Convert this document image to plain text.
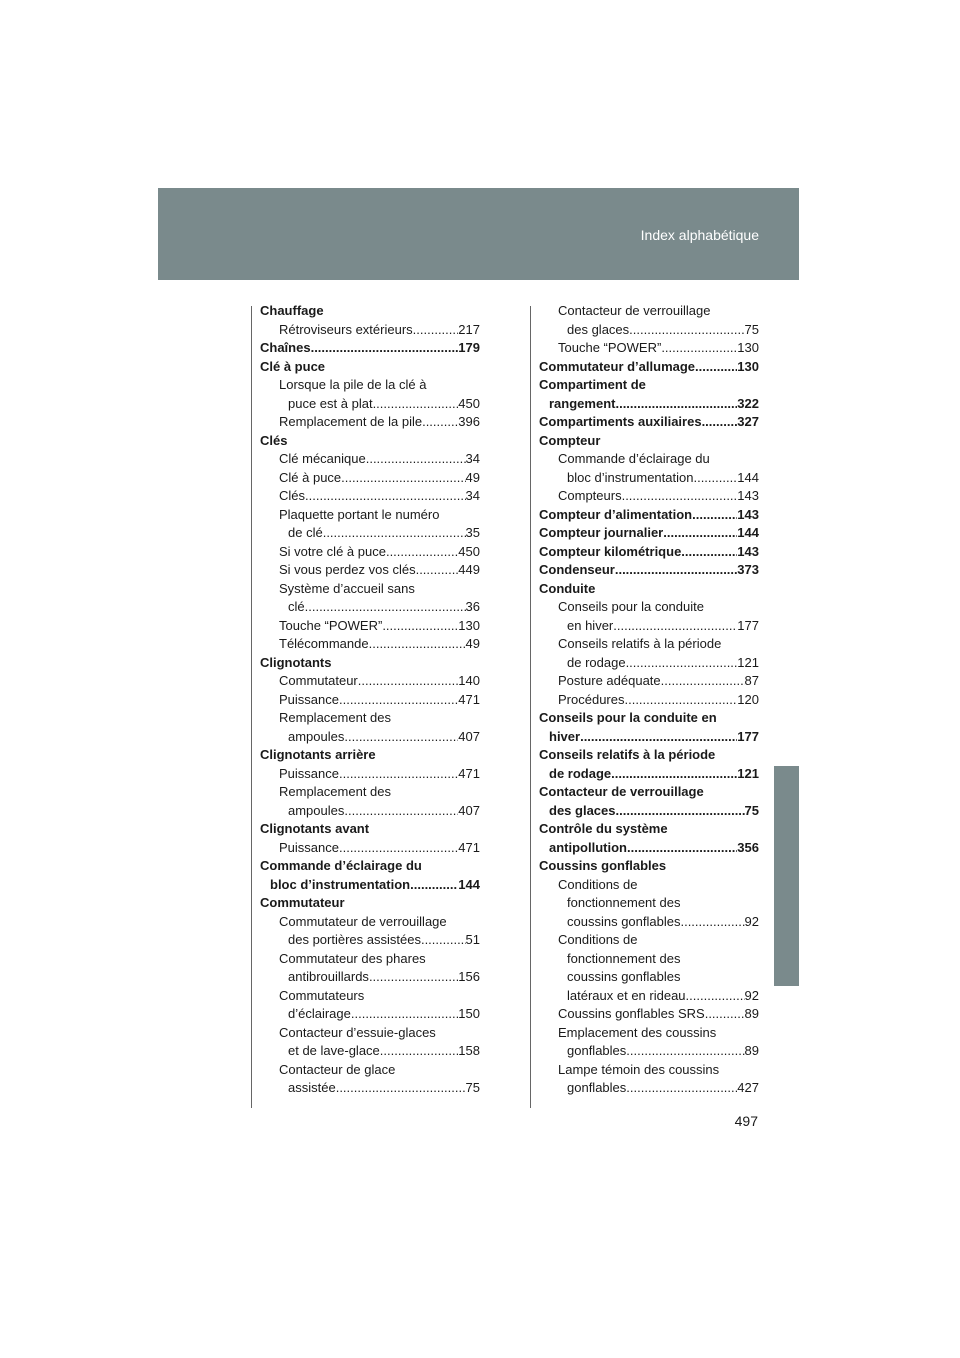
Index alphabétique
Chauffage
Rétroviseurs extérieurs .....	217
Chaînes .....	179
Clé à puce
Lorsque la pile de la clé à
puce est à plat .....	450
Remplacement de la pile .....	396
Clés
Clé mécanique .....	34
Clé à puce .....	49
Clés .....	34
Plaquette portant le numéro
de clé .....	35
Si votre clé à puce .....	450
Si vous perdez vos clés .....	449
Système d’accueil sans
clé .....	36
Touche “POWER” .....	130
Télécommande .....	49
Clignotants
Commutateur .....	140
Puissance .....	471
Remplacement des
ampoules .....	407
Clignotants arrière
Puissance .....	471
Remplacement des
ampoules .....	407
Clignotants avant
Puissance .....	471
Commande d’éclairage du
bloc d’instrumentation .....	144
Commutateur
Commutateur de verrouillage
des portières assistées .....	51
Commutateur des phares
antibrouillards .....	156
Commutateurs
d’éclairage .....	150
Contacteur d’essuie-glaces
et de lave-glace .....	158
Contacteur de glace
assistée .....	75
Contacteur de verrouillage
des glaces .....	75
Touche “POWER” .....	130
Commutateur d’allumage .....	130
Compartiment de
rangement .....	322
Compartiments auxiliaires .....	327
Compteur
Commande d’éclairage du
bloc d’instrumentation .....	144
Compteurs .....	143
Compteur d’alimentation .....	143
Compteur journalier .....	144
Compteur kilométrique .....	143
Condenseur .....	373
Conduite
Conseils pour la conduite
en hiver .....	177
Conseils relatifs à la période
de rodage .....	121
Posture adéquate .....	87
Procédures .....	120
Conseils pour la conduite en
hiver .....	177
Conseils relatifs à la période
de rodage .....	121
Contacteur de verrouillage
des glaces .....	75
Contrôle du système
antipollution .....	356
Coussins gonflables
Conditions de
fonctionnement des
coussins gonflables .....	92
Conditions de
fonctionnement des
coussins gonflables
latéraux et en rideau .....	92
Coussins gonflables SRS .....	89
Emplacement des coussins
gonflables .....	89
Lampe témoin des coussins
gonflables .....	427
497
